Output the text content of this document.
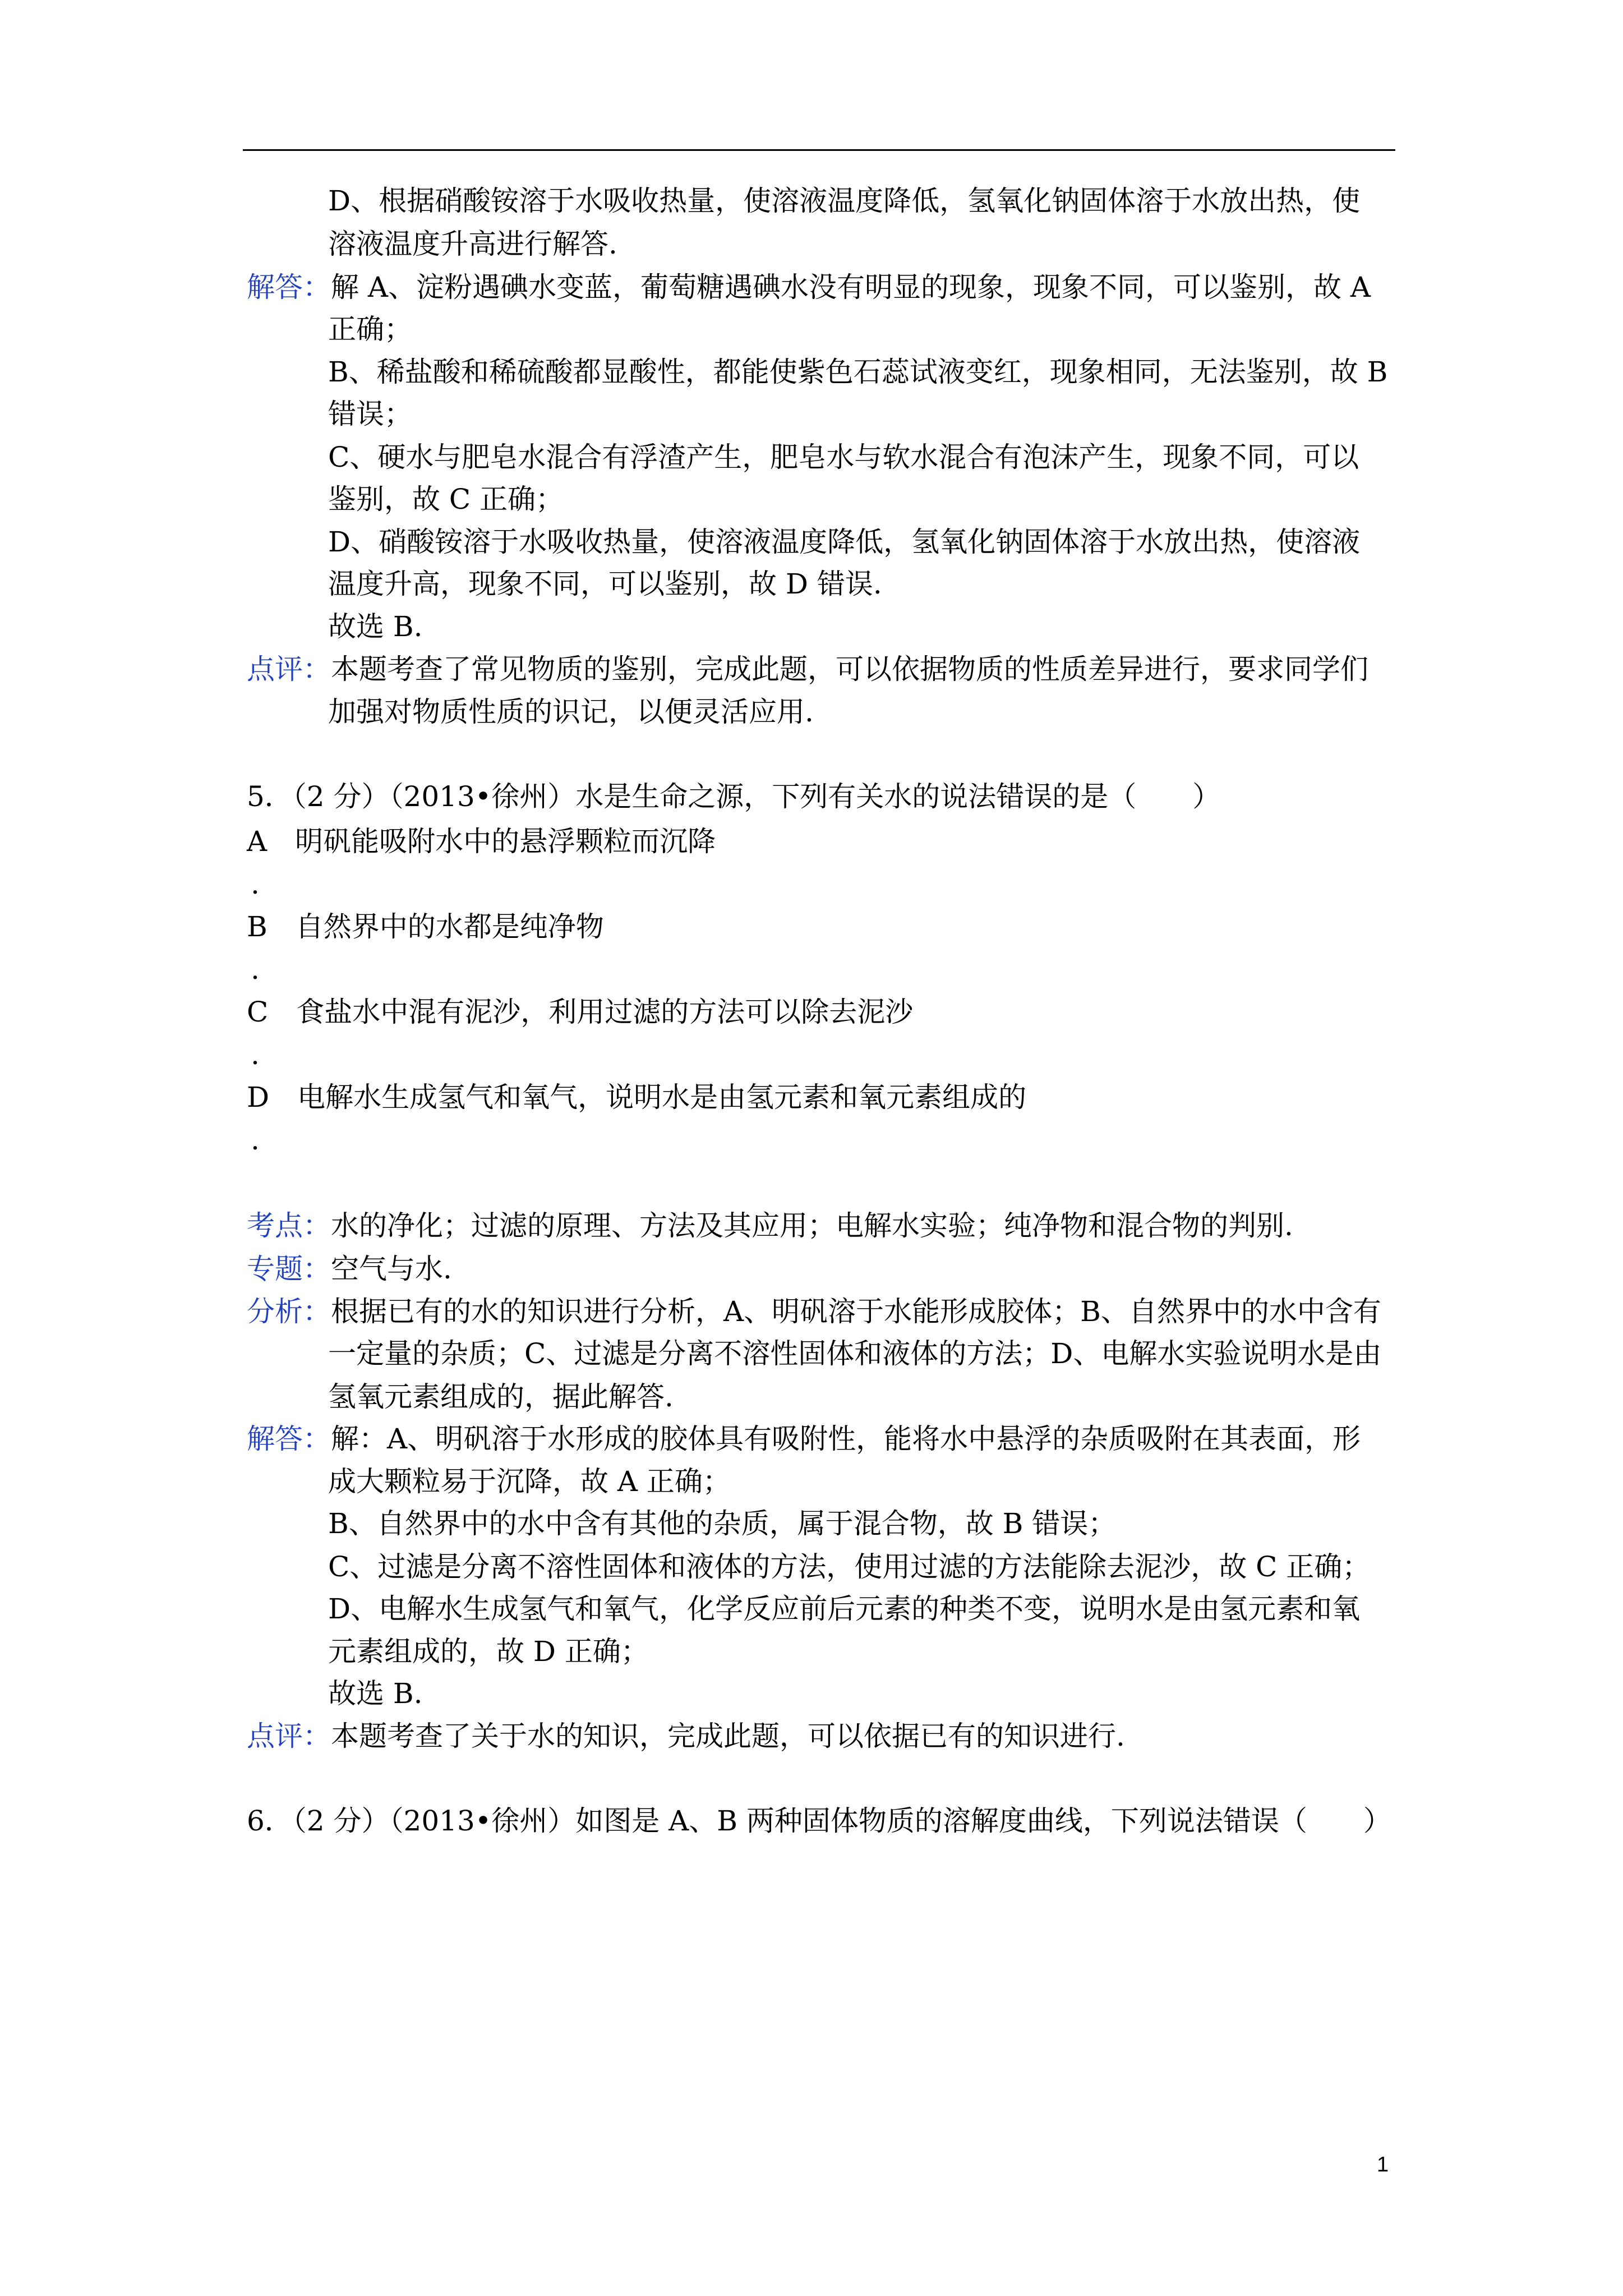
D、根据硝酸铵溶于水吸收热量，使溶液温度降低，氢氧化钠固体溶于水放出热，使
溶液温度升高进行解答.
解答：解 A、淀粉遇碘水变蓝，葡萄糖遇碘水没有明显的现象，现象不同，可以鉴别，故 A
正确；
B、稀盐酸和稀硫酸都显酸性，都能使紫色石蕊试液变红，现象相同，无法鉴别，故 B
错误；
C、硬水与肥皂水混合有浮渣产生，肥皂水与软水混合有泡沫产生，现象不同，可以
鉴别，故 C 正确；
D、硝酸铵溶于水吸收热量，使溶液温度降低，氢氧化钠固体溶于水放出热，使溶液
温度升高，现象不同，可以鉴别，故 D 错误.
故选 B.
点评：本题考查了常见物质的鉴别，完成此题，可以依据物质的性质差异进行，要求同学们
加强对物质性质的识记，以便灵活应用.
5．（2 分）（2013•徐州）水是生命之源，下列有关水的说法错误的是（　　）
A　明矾能吸附水中的悬浮颗粒而沉降
B　自然界中的水都是纯净物
C　食盐水中混有泥沙，利用过滤的方法可以除去泥沙
D　电解水生成氢气和氧气，说明水是由氢元素和氧元素组成的
考点：水的净化；过滤的原理、方法及其应用；电解水实验；纯净物和混合物的判别.
专题：空气与水.
分析：根据已有的水的知识进行分析，A、明矾溶于水能形成胶体；B、自然界中的水中含有
一定量的杂质；C、过滤是分离不溶性固体和液体的方法；D、电解水实验说明水是由
氢氧元素组成的，据此解答.
解答：解：A、明矾溶于水形成的胶体具有吸附性，能将水中悬浮的杂质吸附在其表面，形
成大颗粒易于沉降，故 A 正确；
B、自然界中的水中含有其他的杂质，属于混合物，故 B 错误；
C、过滤是分离不溶性固体和液体的方法，使用过滤的方法能除去泥沙，故 C 正确；
D、电解水生成氢气和氧气，化学反应前后元素的种类不变，说明水是由氢元素和氧
元素组成的，故 D 正确；
故选 B.
点评：本题考查了关于水的知识，完成此题，可以依据已有的知识进行.
6．（2 分）（2013•徐州）如图是 A、B 两种固体物质的溶解度曲线，下列说法错误（　　）
.
.
.
.
1
